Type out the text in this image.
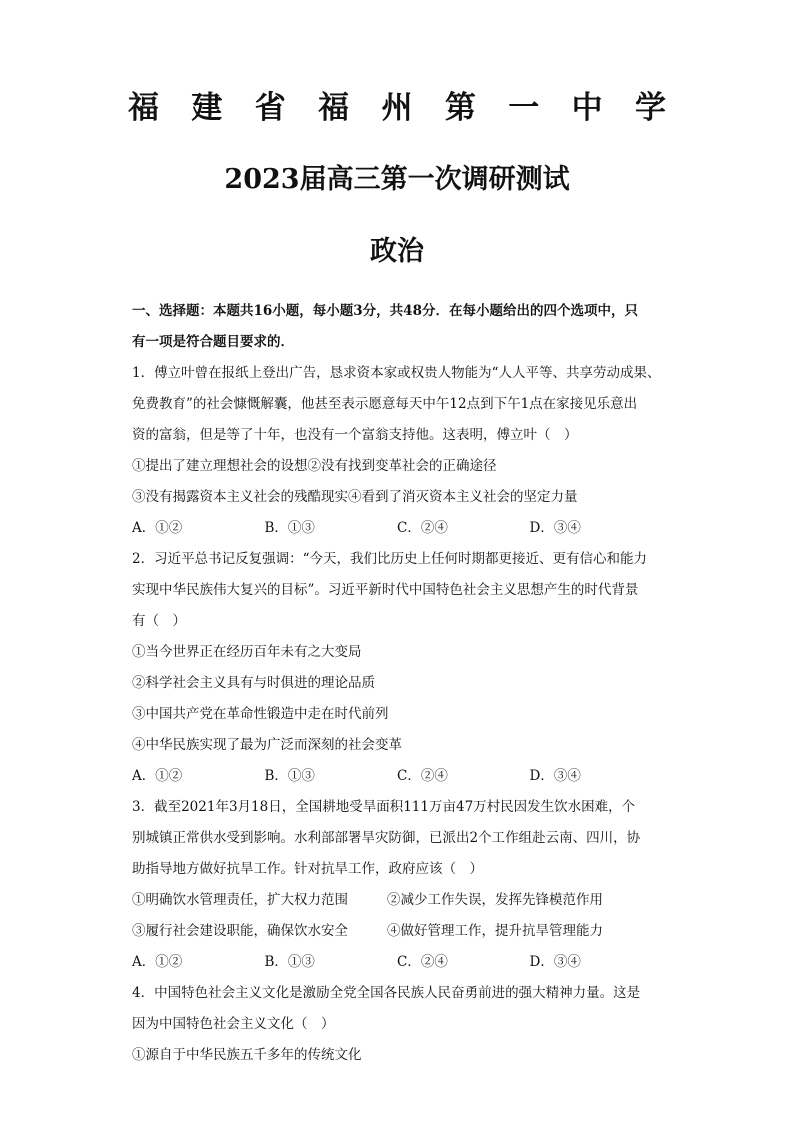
福 建 省 福 州 第 一 中 学
2023届高三第一次调研测试
政治
一、选择题：本题共16小题，每小题3分，共48分．在每小题给出的四个选项中，只
有一项是符合题目要求的．
1．傅立叶曾在报纸上登出广告，恳求资本家或权贵人物能为“人人平等、共享劳动成果、
免费教育”的社会慷慨解囊，他甚至表示愿意每天中午12点到下午1点在家接见乐意出
资的富翁，但是等了十年，也没有一个富翁支持他。这表明，傅立叶（　）
①提出了建立理想社会的设想②没有找到变革社会的正确途径
③没有揭露资本主义社会的残酷现实④看到了消灭资本主义社会的坚定力量
A．①②	B．①③	C．②④	D．③④
2．习近平总书记反复强调：“今天，我们比历史上任何时期都更接近、更有信心和能力
实现中华民族伟大复兴的目标”。习近平新时代中国特色社会主义思想产生的时代背景
有（　）
①当今世界正在经历百年未有之大变局
②科学社会主义具有与时俱进的理论品质
③中国共产党在革命性锻造中走在时代前列
④中华民族实现了最为广泛而深刻的社会变革
A．①②	B．①③	C．②④	D．③④
3．截至2021年3月18日，全国耕地受旱面积111万亩47万村民因发生饮水困难，个
别城镇正常供水受到影响。水利部部署旱灾防御，已派出2个工作组赴云南、四川，协
助指导地方做好抗旱工作。针对抗旱工作，政府应该（　）
①明确饮水管理责任，扩大权力范围	②减少工作失误，发挥先锋模范作用
③履行社会建设职能，确保饮水安全	④做好管理工作，提升抗旱管理能力
A．①②	B．①③	C．②④	D．③④
4．中国特色社会主义文化是激励全党全国各民族人民奋勇前进的强大精神力量。这是
因为中国特色社会主义文化（　）
①源自于中华民族五千多年的传统文化
